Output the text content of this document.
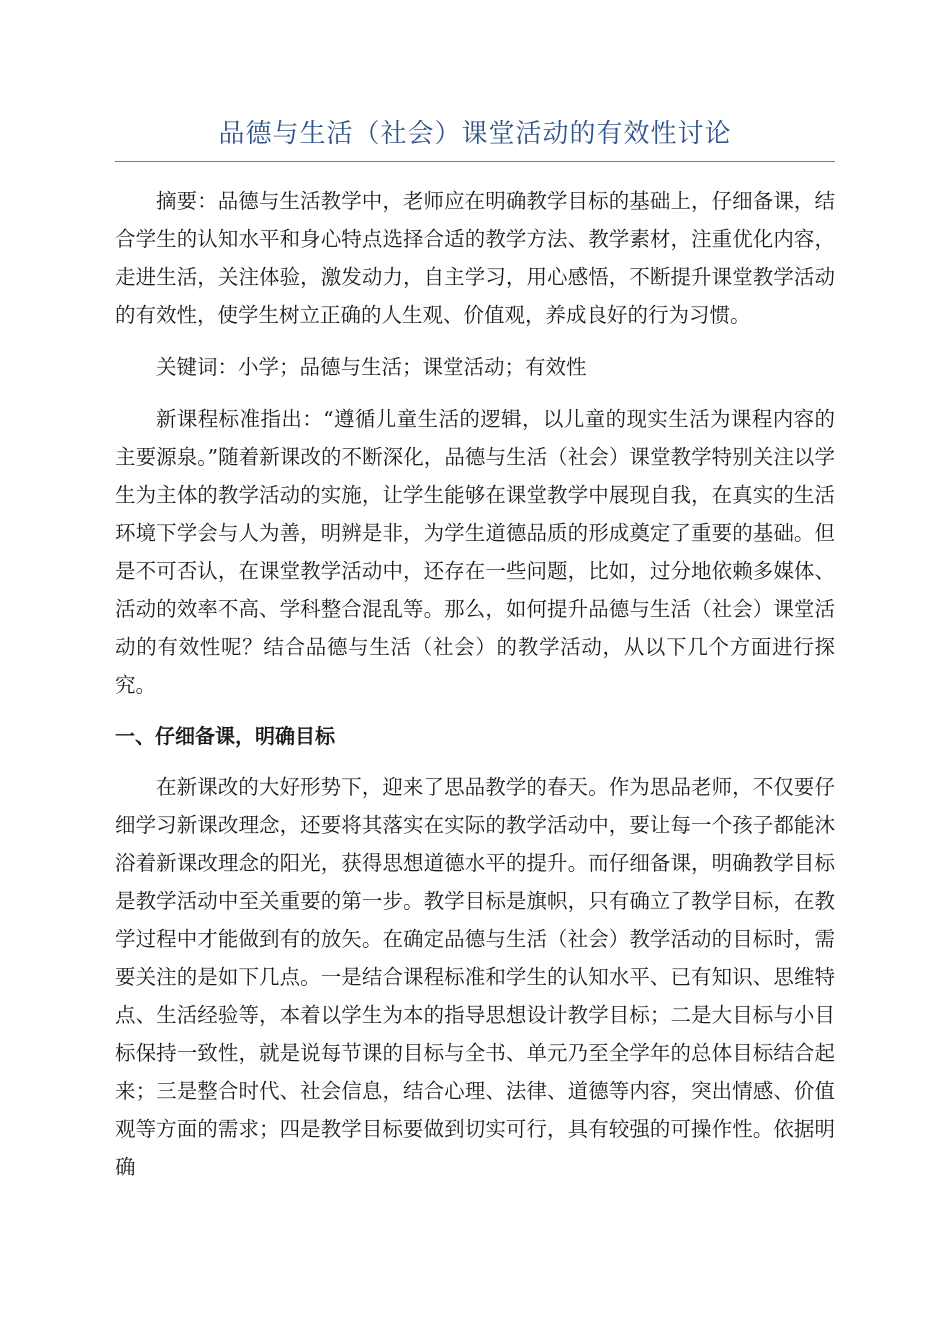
品德与生活（社会）课堂活动的有效性讨论

摘要：品德与生活教学中，老师应在明确教学目标的基础上，仔细备课，结合学生的认知水平和身心特点选择合适的教学方法、教学素材，注重优化内容，走进生活，关注体验，激发动力，自主学习，用心感悟，不断提升课堂教学活动的有效性，使学生树立正确的人生观、价值观，养成良好的行为习惯。

关键词：小学；品德与生活；课堂活动；有效性

新课程标准指出：“遵循儿童生活的逻辑，以儿童的现实生活为课程内容的主要源泉。”随着新课改的不断深化，品德与生活（社会）课堂教学特别关注以学生为主体的教学活动的实施，让学生能够在课堂教学中展现自我，在真实的生活环境下学会与人为善，明辨是非，为学生道德品质的形成奠定了重要的基础。但是不可否认，在课堂教学活动中，还存在一些问题，比如，过分地依赖多媒体、活动的效率不高、学科整合混乱等。那么，如何提升品德与生活（社会）课堂活动的有效性呢？结合品德与生活（社会）的教学活动，从以下几个方面进行探究。

一、仔细备课，明确目标

在新课改的大好形势下，迎来了思品教学的春天。作为思品老师，不仅要仔细学习新课改理念，还要将其落实在实际的教学活动中，要让每一个孩子都能沐浴着新课改理念的阳光，获得思想道德水平的提升。而仔细备课，明确教学目标是教学活动中至关重要的第一步。教学目标是旗帜，只有确立了教学目标，在教学过程中才能做到有的放矢。在确定品德与生活（社会）教学活动的目标时，需要关注的是如下几点。一是结合课程标准和学生的认知水平、已有知识、思维特点、生活经验等，本着以学生为本的指导思想设计教学目标；二是大目标与小目标保持一致性，就是说每节课的目标与全书、单元乃至全学年的总体目标结合起来；三是整合时代、社会信息，结合心理、法律、道德等内容，突出情感、价值观等方面的需求；四是教学目标要做到切实可行，具有较强的可操作性。依据明确
